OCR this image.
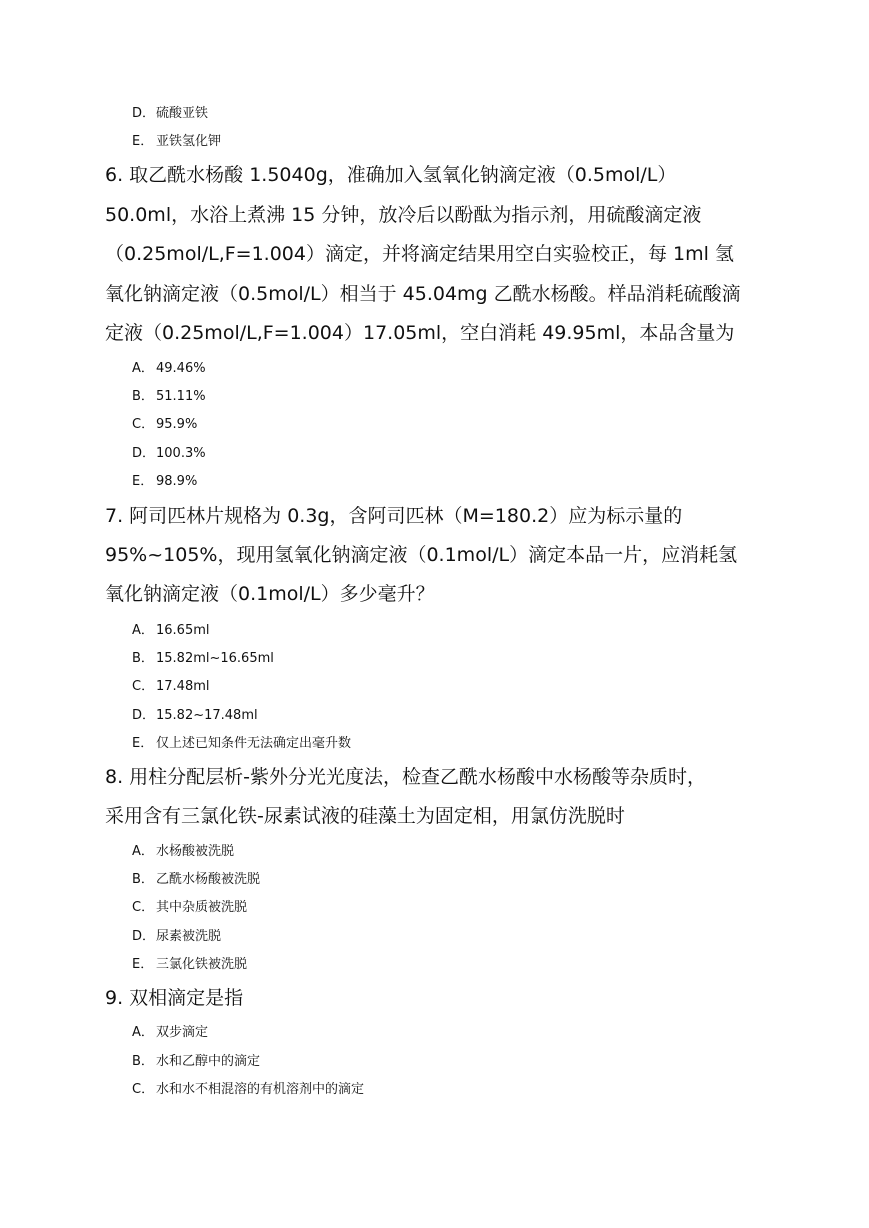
D．硫酸亚铁
E． 亚铁氢化钾
6. 取乙酰水杨酸 1.5040g，准确加入氢氧化钠滴定液（0.5mol/L）
50.0ml，水浴上煮沸 15 分钟，放冷后以酚酞为指示剂，用硫酸滴定液
（0.25mol/L,F=1.004）滴定，并将滴定结果用空白实验校正，每 1ml 氢
氧化钠滴定液（0.5mol/L）相当于 45.04mg 乙酰水杨酸。样品消耗硫酸滴
定液（0.25mol/L,F=1.004）17.05ml，空白消耗 49.95ml，本品含量为
A． 49.46%
B． 51.11%
C． 95.9%
D．100.3%
E． 98.9%
7. 阿司匹林片规格为 0.3g，含阿司匹林（M=180.2）应为标示量的
95%~105%，现用氢氧化钠滴定液（0.1mol/L）滴定本品一片，应消耗氢
氧化钠滴定液（0.1mol/L）多少毫升？
A． 16.65ml
B． 15.82ml~16.65ml
C． 17.48ml
D．15.82~17.48ml
E． 仅上述已知条件无法确定出毫升数
8. 用柱分配层析-紫外分光光度法，检查乙酰水杨酸中水杨酸等杂质时，
采用含有三氯化铁-尿素试液的硅藻土为固定相，用氯仿洗脱时
A． 水杨酸被洗脱
B． 乙酰水杨酸被洗脱
C． 其中杂质被洗脱
D．尿素被洗脱
E． 三氯化铁被洗脱
9. 双相滴定是指
A． 双步滴定
B． 水和乙醇中的滴定
C． 水和水不相混溶的有机溶剂中的滴定
